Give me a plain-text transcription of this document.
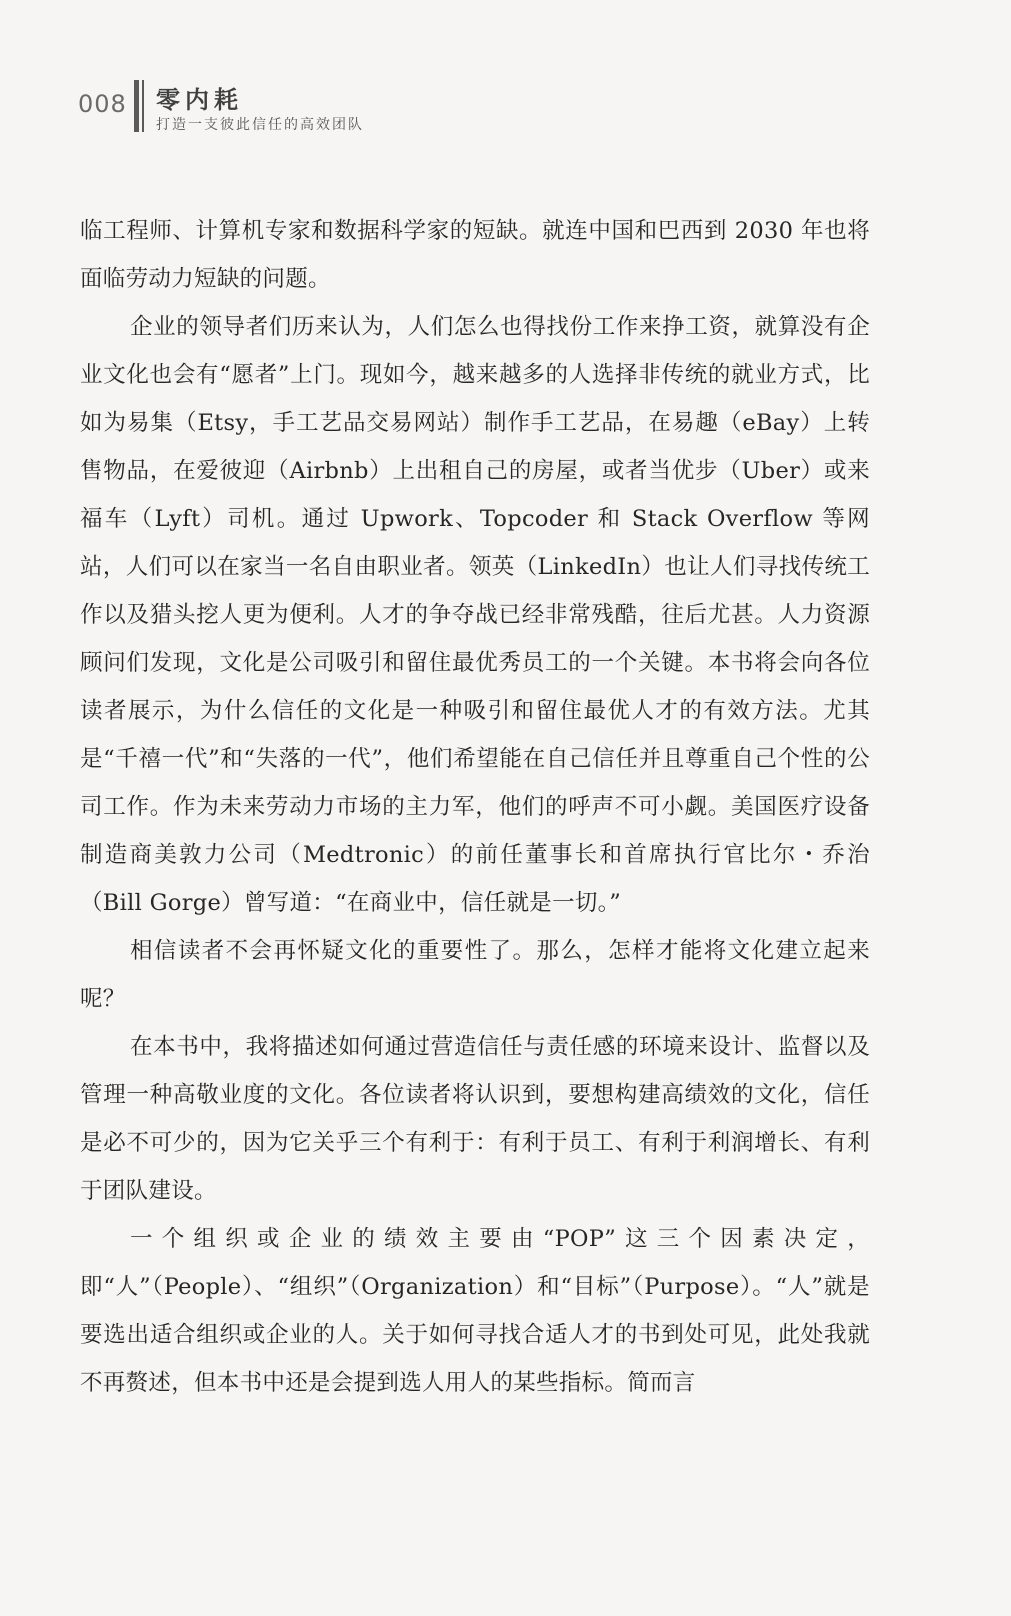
008 零内耗
打造一支彼此信任的高效团队

临工程师、计算机专家和数据科学家的短缺。就连中国和巴西到 2030 年也将面临劳动力短缺的问题。

企业的领导者们历来认为，人们怎么也得找份工作来挣工资，就算没有企业文化也会有“愿者”上门。现如今，越来越多的人选择非传统的就业方式，比如为易集（Etsy，手工艺品交易网站）制作手工艺品，在易趣（eBay）上转售物品，在爱彼迎（Airbnb）上出租自己的房屋，或者当优步（Uber）或来福车（Lyft）司机。通过 Upwork、Topcoder 和 Stack Overflow 等网站，人们可以在家当一名自由职业者。领英（LinkedIn）也让人们寻找传统工作以及猎头挖人更为便利。人才的争夺战已经非常残酷，往后尤甚。人力资源顾问们发现，文化是公司吸引和留住最优秀员工的一个关键。本书将会向各位读者展示，为什么信任的文化是一种吸引和留住最优人才的有效方法。尤其是“千禧一代”和“失落的一代”，他们希望能在自己信任并且尊重自己个性的公司工作。作为未来劳动力市场的主力军，他们的呼声不可小觑。美国医疗设备制造商美敦力公司（Medtronic）的前任董事长和首席执行官比尔・乔治（Bill Gorge）曾写道：“在商业中，信任就是一切。”

相信读者不会再怀疑文化的重要性了。那么，怎样才能将文化建立起来呢？

在本书中，我将描述如何通过营造信任与责任感的环境来设计、监督以及管理一种高敬业度的文化。各位读者将认识到，要想构建高绩效的文化，信任是必不可少的，因为它关乎三个有利于：有利于员工、有利于利润增长、有利于团队建设。

一个组织或企业的绩效主要由“POP”这三个因素决定，即“人”（People）、“组织”（Organization）和“目标”（Purpose）。“人”就是要选出适合组织或企业的人。关于如何寻找合适人才的书到处可见，此处我就不再赘述，但本书中还是会提到选人用人的某些指标。简而言
